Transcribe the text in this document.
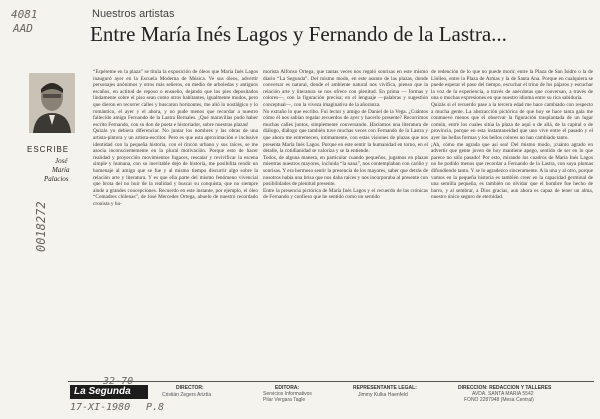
4081
AAD
0018272
Nuestros artistas
Entre María Inés Lagos y Fernando de la Lastra...
ESCRIBE
José
María
Palacios
“Espéreme en la plaza” se titula la exposición de óleos que María Inés Lagos inauguró ayer en la Escuela Moderna de Música. Ve sus óleos, advertir personajes anónimos y otros más señeros, en medio de arboledas y antiguos escaños, en actitud de reposo o ensueño, dejando que los pies depositados lindamente sobre el piso sean como otros habitantes, igualmente mudos, pero que dieron en recorrer calles y buscaron horizontes, me alió lo nostálgico y lo romántico, el ayer y el ahora, y no pude menos que recordar a nuestro fallecido amigo Fernando de la Lastra Bernales. ¡Qué maravillas pudo haber escrito Fernando, con su don de poeta e historiador, sobre nuestras plazas!
Quizás yo debiera diferenciar. No juntar los nombres y las obras de una artista-pintora y un artista-escritor. Pero es que esta aproximación e inclusive identidad con la pequeña historia, con el rincón urbano y sus raíces, se me asocia inconscientemente en la plural motivación. Porque esto de hacer realidad y proyección movimientos fugaces, rescatar y revivificar la escena simple y humana, con su inevitable dejo de historia, me posibilita rendir un homenaje al amigo que se fue y al mismo tiempo discurrir algo sobre la relación arte y literatura. Y es que ella parte del mismo fenómeno vivencial que brota del no huir de la realidad y buscar su conquista, que no siempre alude a grandes concepciones. Recuerdo en este instante, por ejemplo, el óleo “Comadres chilenas”, de José Mercedes Ortega, abuelo de nuestro recordado cronista y hu-
morista Alfonso Ortega, que tantas veces nos regaló sonrisas en este mismo diario “La Segunda”. Del mismo modo, en este asunto de las plazas, donde conversar es natural, donde el ambiente natural nos vivifica, pienso que la relación arte y literatura se nos ofrece con plenitud. En prima — formas y colores—, con la figuración precisa; en el lenguaje —palabras y sugestión conceptual—, con la viveza imaginativa de la añoranza.
No extraño lo que escribo. Fui lector y amigo de Daniel de la Vega. ¿Cuántos cómo él nos sabían regalar recuerdos de ayer y hacerlo presente? Recorrimos muchas calles juntos, simplemente conversando. Hacíamos una literatura de diálogo, diálogo que también tuve muchas veces con Fernando de la Lastra y que ahora me entremecen, intimamente, con estas visiones de plazas que nos presenta María Inés Lagos. Porque en este sentir la humanidad en torno, en el detalle, la cotidianidad se valoriza y se la entiende.
Todos, de alguna manera, en particular cuando pequeños, jugamos en plazas mientras nuestros mayores, incluida “la nana”, nos contemplaban con cariño y sonrisas. Y era hermoso sentir la presencia de los mayores, saber que detrás de nosotros había una brisa que nos daba raíces y nos incorporaba al presente con posibilidades de plenitud presente.
Entre la presencia pictórica de María Inés Lagos y el recuerdo de las crónicas de Fernando y confieso que he sentido como un sentido
de redención de lo que no puede morir, entre la Plaza de San Isidro o la de Llolleo, entre la Plaza de Armas y la de Santa Ana. Porque en cualquiera se puede esperar el paso del tiempo, escuchar el trino de los pájaros y escuchar la voz de la experiencia, a través de anécdotas que conversan, a través de una o muchas expresiones en que nuestro idioma entre su rica sabiduría.
Quizás si el recuerdo pase a la tercera edad me hace cambiado con respecto a mucha gente. La abstracción pictórica de que hoy se hace tanta gala me conmueve menos que el observar la figuración trasplantada de un lugar común, entre los cuales sitúa la plaza de aquí o de allá, de la capital o de provincia, porque en esta instantaneidad que uno vive entre el pasado y el ayer las bellas formas y los bellos colores no han cambiado tanto.
¡Ah, cómo me agrada que así sea! Del mismo modo, ¡cuánto agrado en advertir que gente joven de hoy mantiene apego, sentido de ser en lo que parece no sólo pasado! Por esto, mirando los cuadros de María Inés Lagos no he podido menos que recordar a Fernando de la Lastra, con suya plumas difundiendo tanto. Y se lo agradezco sinceramente. A la una y al otro, porque vamos en la pequeña historia es también creer en la capacidad germinal de una semilla pequeña, es también no olvidar que el hombre fue hecho de barro, y al sembrar, a Dios gracias, aun ahora es capaz de tener un alma, nuestro único seguro de eternidad.
La Segunda	DIRECTOR:
Cristián Zegers Ariztía
EDITORA:
Servicios Informativos
Pilar Vergara Tagle
REPRESENTANTE LEGAL:
Jimmy Kulka Haenfeld
DIRECCION: REDACCION Y TALLERES
AVDA. SANTA MARIA 5542
FONO 2287948 (Mesa Central)
17-XI-1980 P.8
